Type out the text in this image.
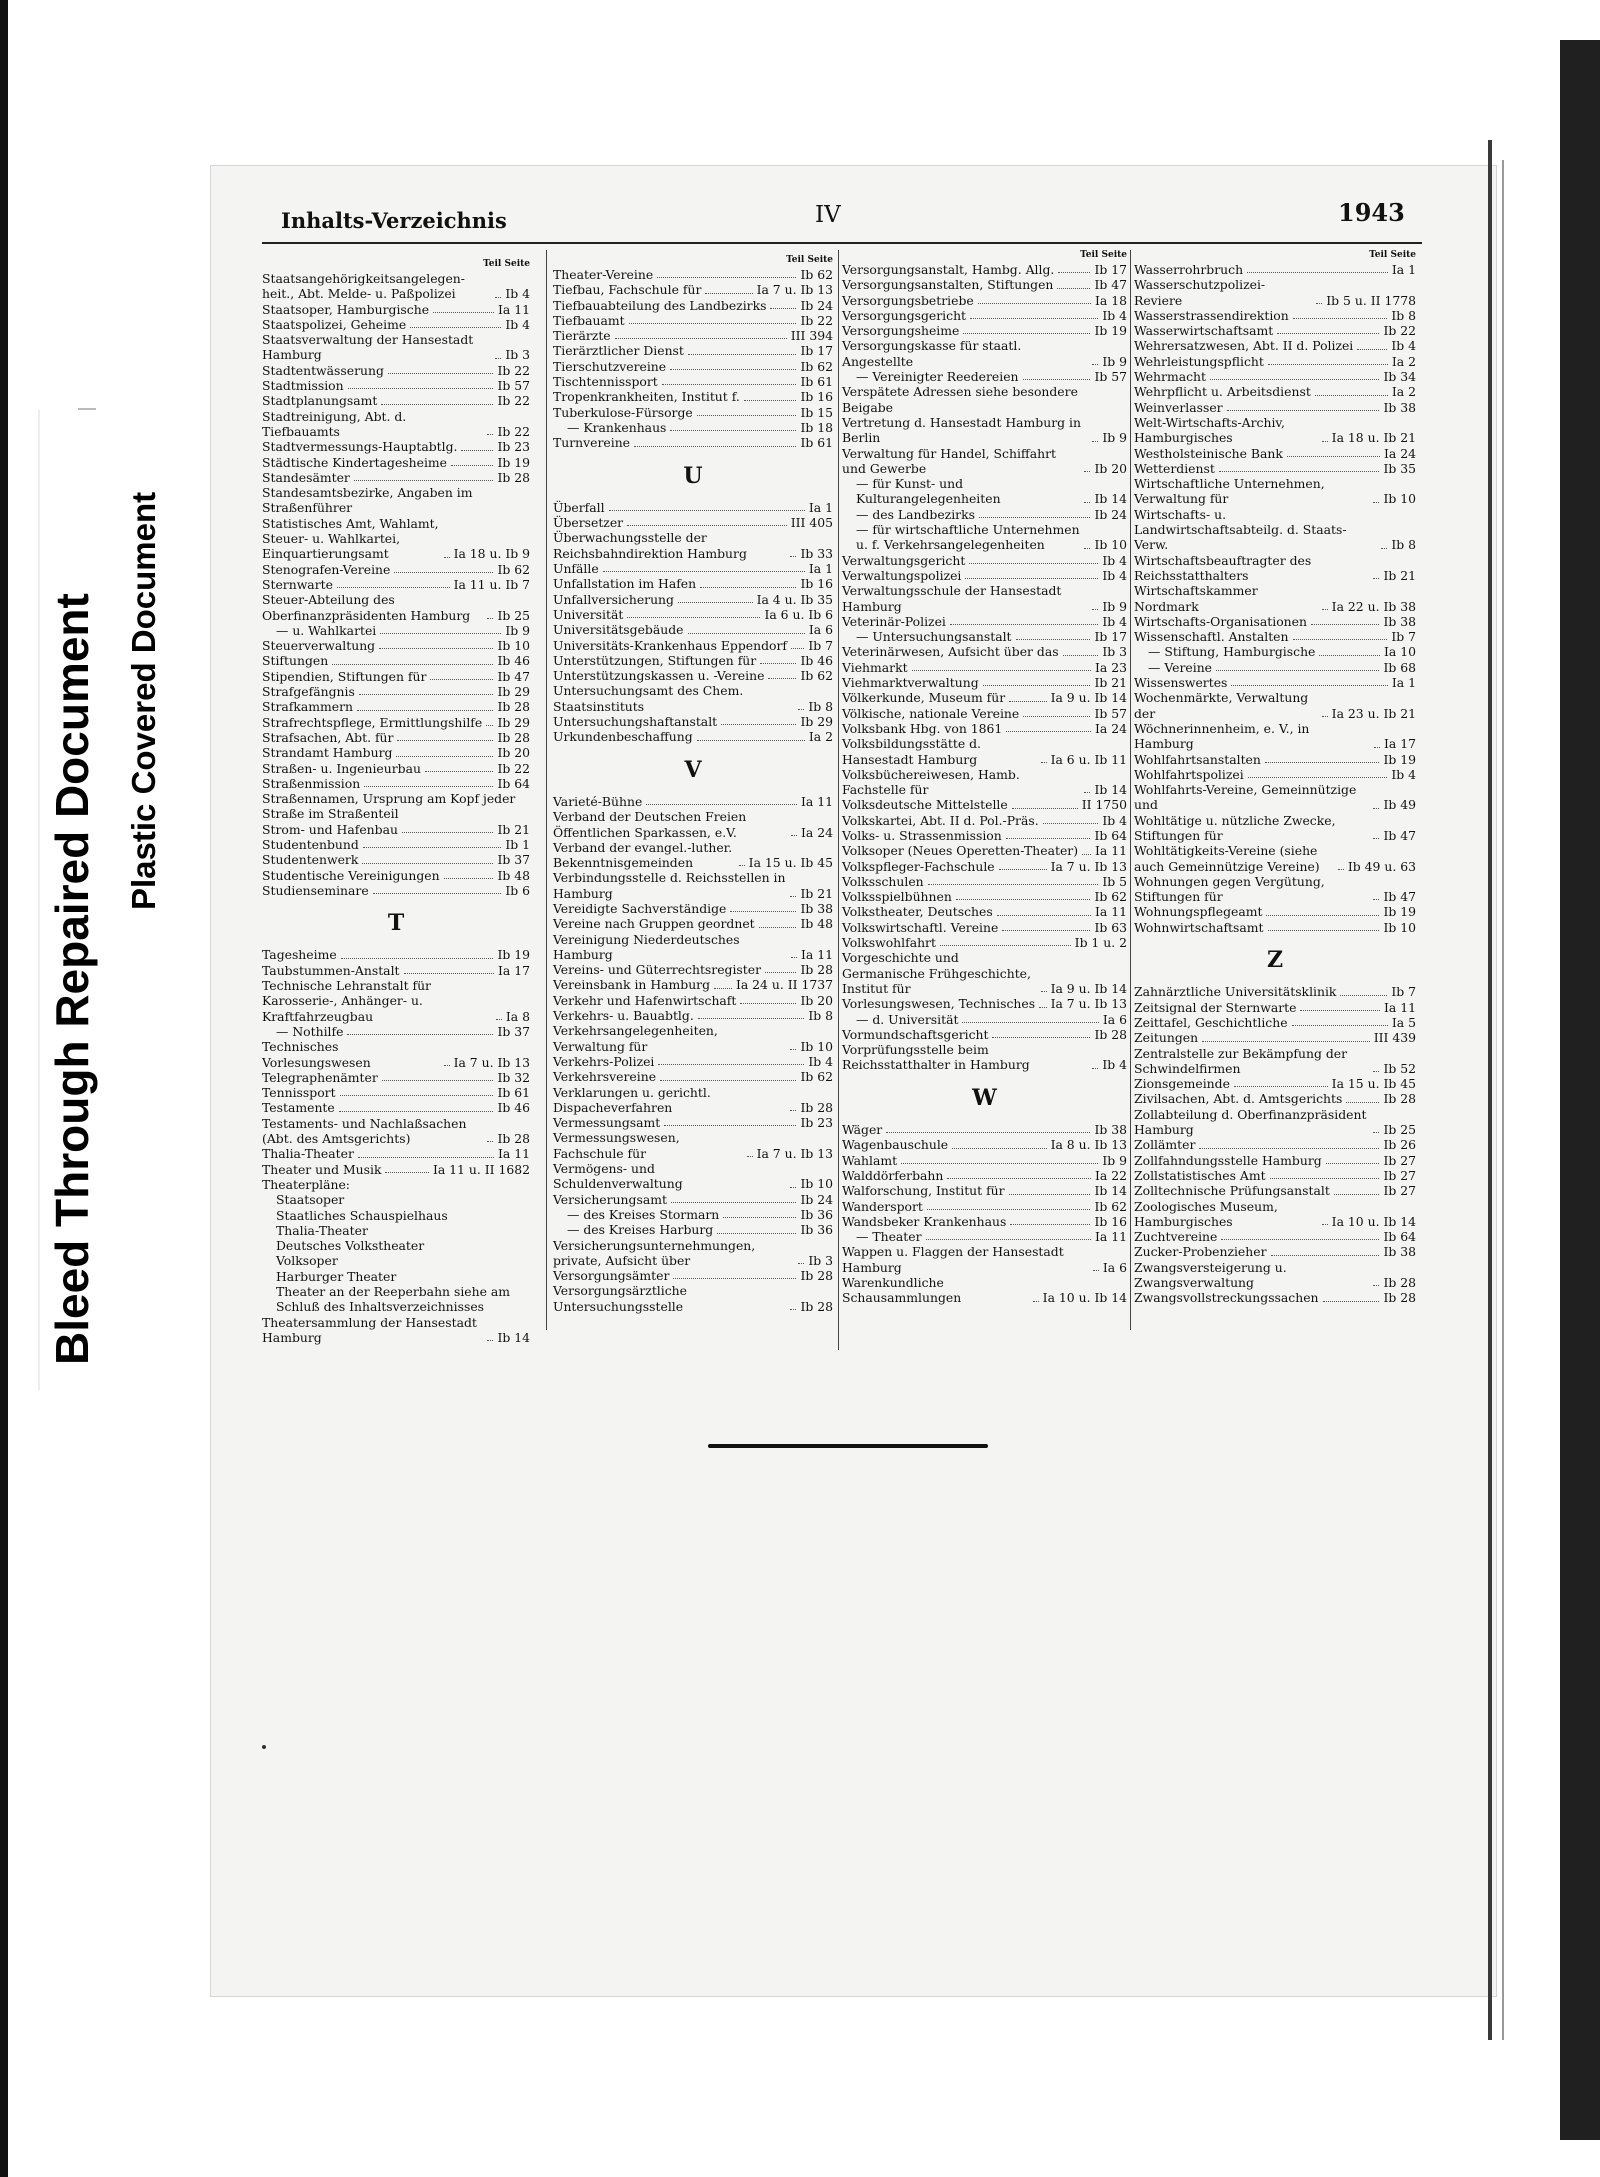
Bleed Through Repaired Document Plastic Covered Document
Inhalts-Verzeichnis	IV	1943
Teil Seite
Staatsangehörigkeitsangelegen-heit., Abt. Melde- u. Paßpolizei	Ib 4
Staatsoper, Hamburgische	Ia 11
Staatspolizei, Geheime	Ib 4
Staatsverwaltung der Hansestadt Hamburg	Ib 3
Stadtentwässerung	Ib 22
Stadtmission	Ib 57
Stadtplanungsamt	Ib 22
Stadtreinigung, Abt. d. Tiefbauamts	Ib 22
Stadtvermessungs-Hauptabtlg.	Ib 23
Städtische Kindertagesheime	Ib 19
Standesämter	Ib 28
Standesamtsbezirke, Angaben im Straßenführer
Statistisches Amt, Wahlamt, Steuer- u. Wahlkartei, Einquartierungsamt	Ia 18 u. Ib 9
Stenografen-Vereine	Ib 62
Sternwarte	Ia 11 u. Ib 7
Steuer-Abteilung des Oberfinanzpräsidenten Hamburg	Ib 25
— u. Wahlkartei	Ib 9
Steuerverwaltung	Ib 10
Stiftungen	Ib 46
Stipendien, Stiftungen für	Ib 47
Strafgefängnis	Ib 29
Strafkammern	Ib 28
Strafrechtspflege, Ermittlungshilfe Ib 29
Strafsachen, Abt. für	Ib 28
Strandamt Hamburg	Ib 20
Straßen- u. Ingenieurbau	Ib 22
Straßenmission	Ib 64
Straßennamen, Ursprung am Kopf jeder Straße im Straßenteil
Strom- und Hafenbau	Ib 21
Studentenbund	Ib 1
Studentenwerk	Ib 37
Studentische Vereinigungen	Ib 48
Studienseminare	Ib 6
T
Tagesheime	Ib 19
Taubstummen-Anstalt	Ia 17
Technische Lehranstalt für Karosserie-, Anhänger- u. Kraftfahrzeugbau	Ia 8
— Nothilfe	Ib 37
Technisches Vorlesungswesen	Ia 7 u. Ib 13
Telegraphenämter	Ib 32
Tennissport	Ib 61
Testamente	Ib 46
Testaments- und Nachlaßsachen (Abt. des Amtsgerichts)	Ib 28
Thalia-Theater	Ia 11
Theater und Musik	Ia 11 u. II 1682
Theaterpläne:
Staatsoper
Staatliches Schauspielhaus
Thalia-Theater
Deutsches Volkstheater
Volksoper
Harburger Theater
Theater an der Reeperbahn siehe am Schluß des Inhaltsverzeichnisses
Theatersammlung der Hansestadt Hamburg	Ib 14
Teil Seite
Theater-Vereine	Ib 62
Tiefbau, Fachschule für	Ia 7 u. Ib 13
Tiefbauabteilung des Landbezirks	Ib 24
Tiefbauamt	Ib 22
Tierärzte	III 394
Tierärztlicher Dienst	Ib 17
Tierschutzvereine	Ib 62
Tischtennissport	Ib 61
Tropenkrankheiten, Institut f.	Ib 16
Tuberkulose-Fürsorge	Ib 15
— Krankenhaus	Ib 18
Turnvereine	Ib 61
U
Überfall	Ia 1
Übersetzer	III 405
Überwachungsstelle der Reichsbahndirektion Hamburg	Ib 33
Unfälle	Ia 1
Unfallstation im Hafen	Ib 16
Unfallversicherung	Ia 4 u. Ib 35
Universität	Ia 6 u. Ib 6
Universitätsgebäude	Ia 6
Universitäts-Krankenhaus Eppendorf Ib 7
Unterstützungen, Stiftungen für	Ib 46
Unterstützungskassen u. -Vereine	Ib 62
Untersuchungsamt des Chem. Staatsinstituts	Ib 8
Untersuchungshaftanstalt	Ib 29
Urkundenbeschaffung	Ia 2
V
Varieté-Bühne	Ia 11
Verband der Deutschen Freien Öffentlichen Sparkassen, e.V.	Ia 24
Verband der evangel.-luther. Bekenntnisgemeinden	Ia 15 u. Ib 45
Verbindungsstelle d. Reichsstellen in Hamburg	Ib 21
Vereidigte Sachverständige	Ib 38
Vereine nach Gruppen geordnet	Ib 48
Vereinigung Niederdeutsches Hamburg	Ia 11
Vereins- und Güterrechtsregister	Ib 28
Vereinsbank in Hamburg Ia 24 u. II 1737
Verkehr und Hafenwirtschaft	Ib 20
Verkehrs- u. Bauabtlg.	Ib 8
Verkehrsangelegenheiten, Verwaltung für	Ib 10
Verkehrs-Polizei	Ib 4
Verkehrsvereine	Ib 62
Verklarungen u. gerichtl. Dispacheverfahren	Ib 28
Vermessungsamt	Ib 23
Vermessungswesen, Fachschule für	Ia 7 u. Ib 13
Vermögens- und Schuldenverwaltung	Ib 10
Versicherungsamt	Ib 24
— des Kreises Stormarn	Ib 36
— des Kreises Harburg	Ib 36
Versicherungsunternehmungen, private, Aufsicht über	Ib 3
Versorgungsämter	Ib 28
Versorgungsärztliche Untersuchungsstelle	Ib 28
Teil Seite
Versorgungsanstalt, Hambg. Allg.	Ib 17
Versorgungsanstalten, Stiftungen	Ib 47
Versorgungsbetriebe	Ia 18
Versorgungsgericht	Ib 4
Versorgungsheime	Ib 19
Versorgungskasse für staatl. Angestellte	Ib 9
— Vereinigter Reedereien	Ib 57
Verspätete Adressen siehe besondere Beigabe
Vertretung d. Hansestadt Hamburg in Berlin	Ib 9
Verwaltung für Handel, Schiffahrt und Gewerbe	Ib 20
— für Kunst- und Kulturangelegenheiten	Ib 14
— des Landbezirks	Ib 24
— für wirtschaftliche Unternehmen u. f. Verkehrsangelegenheiten	Ib 10
Verwaltungsgericht	Ib 4
Verwaltungspolizei	Ib 4
Verwaltungsschule der Hansestadt Hamburg	Ib 9
Veterinär-Polizei	Ib 4
— Untersuchungsanstalt	Ib 17
Veterinärwesen, Aufsicht über das	Ib 3
Viehmarkt	Ia 23
Viehmarktverwaltung	Ib 21
Völkerkunde, Museum für	Ia 9 u. Ib 14
Völkische, nationale Vereine	Ib 57
Volksbank Hbg. von 1861	Ia 24
Volksbildungsstätte d. Hansestadt Hamburg	Ia 6 u. Ib 11
Volksbüchereiwesen, Hamb. Fachstelle für	Ib 14
Volksdeutsche Mittelstelle	II 1750
Volkskartei, Abt. II d. Pol.-Präs.	Ib 4
Volks- u. Strassenmission	Ib 64
Volksoper (Neues Operetten-Theater) Ia 11
Volkspfleger-Fachschule	Ia 7 u. Ib 13
Volksschulen	Ib 5
Volksspielbühnen	Ib 62
Volkstheater, Deutsches	Ia 11
Volkswirtschaftl. Vereine	Ib 63
Volkswohlfahrt	Ib 1 u. 2
Vorgeschichte und Germanische Frühgeschichte, Institut für	Ia 9 u. Ib 14
Vorlesungswesen, Technisches Ia 7 u. Ib 13
— d. Universität	Ia 6
Vormundschaftsgericht	Ib 28
Vorprüfungsstelle beim Reichsstatthalter in Hamburg	Ib 4
W
Wäger	Ib 38
Wagenbauschule	Ia 8 u. Ib 13
Wahlamt	Ib 9
Walddörferbahn	Ia 22
Walforschung, Institut für	Ib 14
Wandersport	Ib 62
Wandsbeker Krankenhaus	Ib 16
— Theater	Ia 11
Wappen u. Flaggen der Hansestadt Hamburg	Ia 6
Warenkundliche Schausammlungen	Ia 10 u. Ib 14
Teil Seite
Wasserrohrbruch	Ia 1
Wasserschutzpolizei-Reviere	Ib 5 u. II 1778
Wasserstrassendirektion	Ib 8
Wasserwirtschaftsamt	Ib 22
Wehrersatzwesen, Abt. II d. Polizei	Ib 4
Wehrleistungspflicht	Ia 2
Wehrmacht	Ib 34
Wehrpflicht u. Arbeitsdienst	Ia 2
Weinverlasser	Ib 38
Welt-Wirtschafts-Archiv, Hamburgisches	Ia 18 u. Ib 21
Westholsteinische Bank	Ia 24
Wetterdienst	Ib 35
Wirtschaftliche Unternehmen, Verwaltung für	Ib 10
Wirtschafts- u. Landwirtschaftsabteilg. d. Staats-Verw.	Ib 8
Wirtschaftsbeauftragter des Reichsstatthalters	Ib 21
Wirtschaftskammer Nordmark	Ia 22 u. Ib 38
Wirtschafts-Organisationen	Ib 38
Wissenschaftl. Anstalten	Ib 7
— Stiftung, Hamburgische	Ia 10
— Vereine	Ib 68
Wissenswertes	Ia 1
Wochenmärkte, Verwaltung der	Ia 23 u. Ib 21
Wöchnerinnenheim, e. V., in Hamburg	Ia 17
Wohlfahrtsanstalten	Ib 19
Wohlfahrtspolizei	Ib 4
Wohlfahrts-Vereine, Gemeinnützige und	Ib 49
Wohltätige u. nützliche Zwecke, Stiftungen für	Ib 47
Wohltätigkeits-Vereine (siehe auch Gemeinnützige Vereine)	Ib 49 u. 63
Wohnungen gegen Vergütung, Stiftungen für	Ib 47
Wohnungspflegeamt	Ib 19
Wohnwirtschaftsamt	Ib 10
Z
Zahnärztliche Universitätsklinik	Ib 7
Zeitsignal der Sternwarte	Ia 11
Zeittafel, Geschichtliche	Ia 5
Zeitungen	III 439
Zentralstelle zur Bekämpfung der Schwindelfirmen	Ib 52
Zionsgemeinde	Ia 15 u. Ib 45
Zivilsachen, Abt. d. Amtsgerichts	Ib 28
Zollabteilung d. Oberfinanzpräsident Hamburg	Ib 25
Zollämter	Ib 26
Zollfahndungsstelle Hamburg	Ib 27
Zollstatistisches Amt	Ib 27
Zolltechnische Prüfungsanstalt	Ib 27
Zoologisches Museum, Hamburgisches	Ia 10 u. Ib 14
Zuchtvereine	Ib 64
Zucker-Probenzieher	Ib 38
Zwangsversteigerung u. Zwangsverwaltung	Ib 28
Zwangsvollstreckungssachen	Ib 28
